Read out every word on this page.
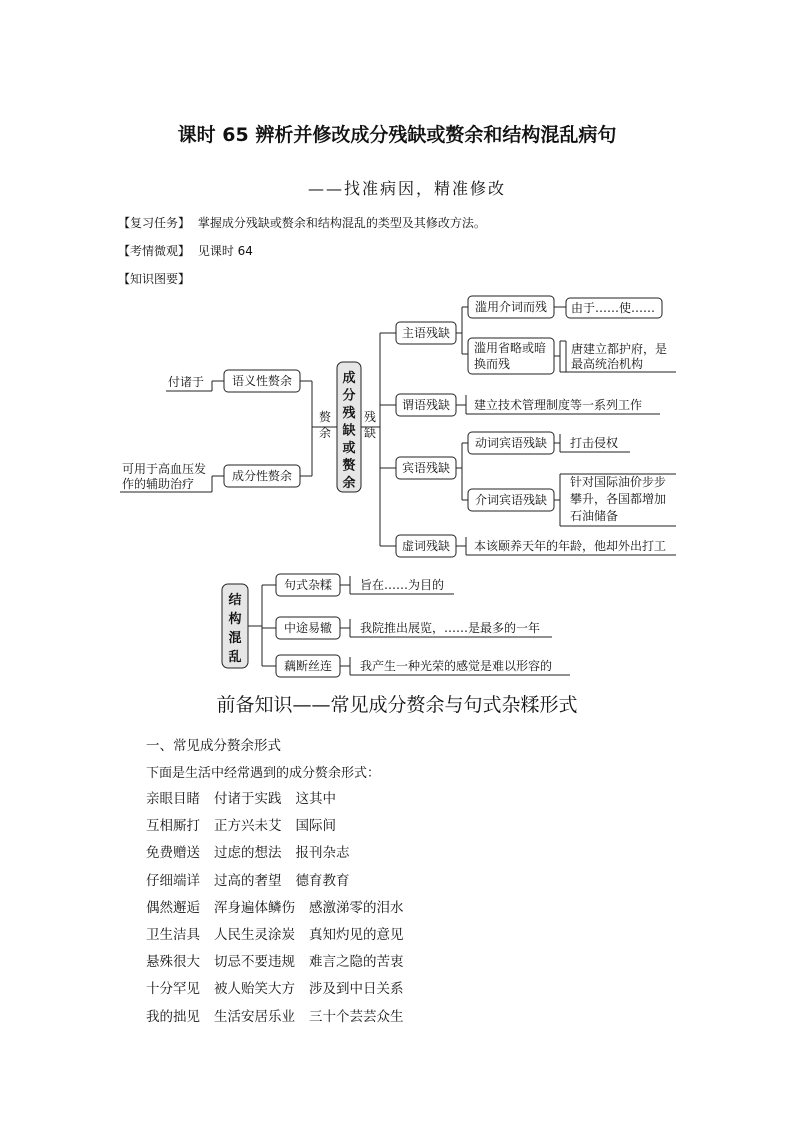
课时 65 辨析并修改成分残缺或赘余和结构混乱病句
——找准病因，精准修改
【复习任务】 掌握成分残缺或赘余和结构混乱的类型及其修改方法。
【考情微观】 见课时 64
【知识图要】
成
分
残
缺
或
赘
余
赘
余
残
缺
语义性赘余
成分性赘余
付诸于
可用于高血压发
作的辅助治疗
主语残缺
谓语残缺
宾语残缺
虚词残缺
滥用介词而残
滥用省略或暗
换而残
由于……使……
唐建立都护府，是
最高统治机构
建立技术管理制度等一系列工作
动词宾语残缺
介词宾语残缺
打击侵权
针对国际油价步步
攀升，各国都增加
石油储备
本该颐养天年的年龄，他却外出打工
结
构
混
乱
句式杂糅
中途易辙
藕断丝连
旨在……为目的
我院推出展览，……是最多的一年
我产生一种光荣的感觉是难以形容的
前备知识——常见成分赘余与句式杂糅形式
一、常见成分赘余形式
下面是生活中经常遇到的成分赘余形式：
亲眼目睹 付诸于实践 这其中
互相厮打 正方兴未艾 国际间
免费赠送 过虑的想法 报刊杂志
仔细端详 过高的奢望 德育教育
偶然邂逅 浑身遍体鳞伤 感激涕零的泪水
卫生洁具 人民生灵涂炭 真知灼见的意见
悬殊很大 切忌不要违规 难言之隐的苦衷
十分罕见 被人贻笑大方 涉及到中日关系
我的拙见 生活安居乐业 三十个芸芸众生
